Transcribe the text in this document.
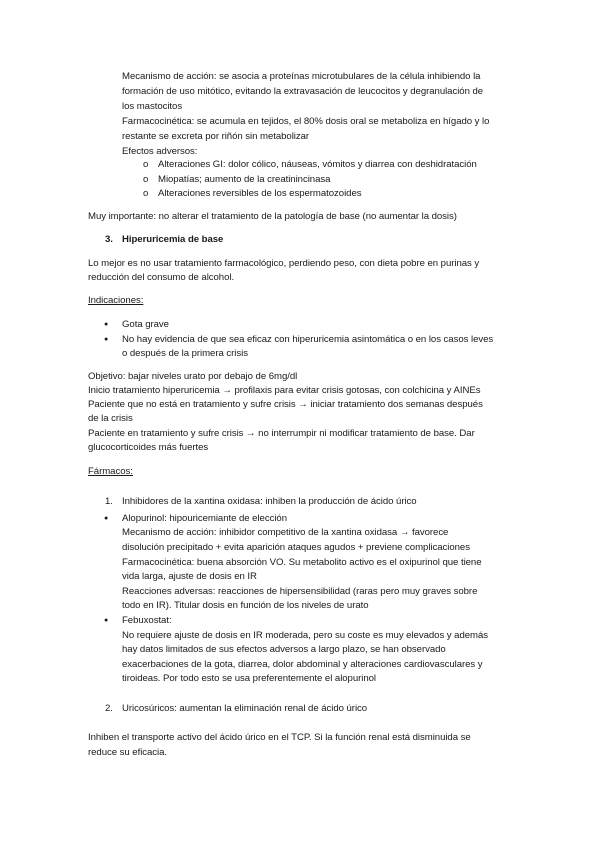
Mecanismo de acción: se asocia a proteínas microtubulares de la célula inhibiendo la
formación de uso mitótico, evitando la extravasación de leucocitos y degranulación de
los mastocitos
Farmacocinética: se acumula en tejidos, el 80% dosis oral se metaboliza en hígado y lo
restante se excreta por riñón sin metabolizar
Efectos adversos:
o Alteraciones GI: dolor cólico, náuseas, vómitos y diarrea con deshidratación
o Miopatías; aumento de la creatinincinasa
o Alteraciones reversibles de los espermatozoides
Muy importante: no alterar el tratamiento de la patología de base (no aumentar la dosis)
3. Hiperuricemia de base
Lo mejor es no usar tratamiento farmacológico, perdiendo peso, con dieta pobre en purinas y
reducción del consumo de alcohol.
Indicaciones:
● Gota grave
● No hay evidencia de que sea eficaz con hiperuricemia asintomática o en los casos leves
o después de la primera crisis
Objetivo: bajar niveles urato por debajo de 6mg/dl
Inicio tratamiento hiperuricemia → profilaxis para evitar crisis gotosas, con colchicina y AINEs
Paciente que no está en tratamiento y sufre crisis → iniciar tratamiento dos semanas después
de la crisis
Paciente en tratamiento y sufre crisis → no interrumpir ni modificar tratamiento de base. Dar
glucocorticoides más fuertes
Fármacos:
1. Inhibidores de la xantina oxidasa: inhiben la producción de ácido úrico
● Alopurinol: hipouricemiante de elección
Mecanismo de acción: inhibidor competitivo de la xantina oxidasa → favorece
disolución precipitado + evita aparición ataques agudos + previene complicaciones
Farmacocinética: buena absorción VO. Su metabolito activo es el oxipurinol que tiene
vida larga, ajuste de dosis en IR
Reacciones adversas: reacciones de hipersensibilidad (raras pero muy graves sobre
todo en IR). Titular dosis en función de los niveles de urato
● Febuxostat:
No requiere ajuste de dosis en IR moderada, pero su coste es muy elevados y además
hay datos limitados de sus efectos adversos a largo plazo, se han observado
exacerbaciones de la gota, diarrea, dolor abdominal y alteraciones cardiovasculares y
tiroideas. Por todo esto se usa preferentemente el alopurinol
2. Uricosúricos: aumentan la eliminación renal de ácido úrico
Inhiben el transporte activo del ácido úrico en el TCP. Si la función renal está disminuida se
reduce su eficacia.
